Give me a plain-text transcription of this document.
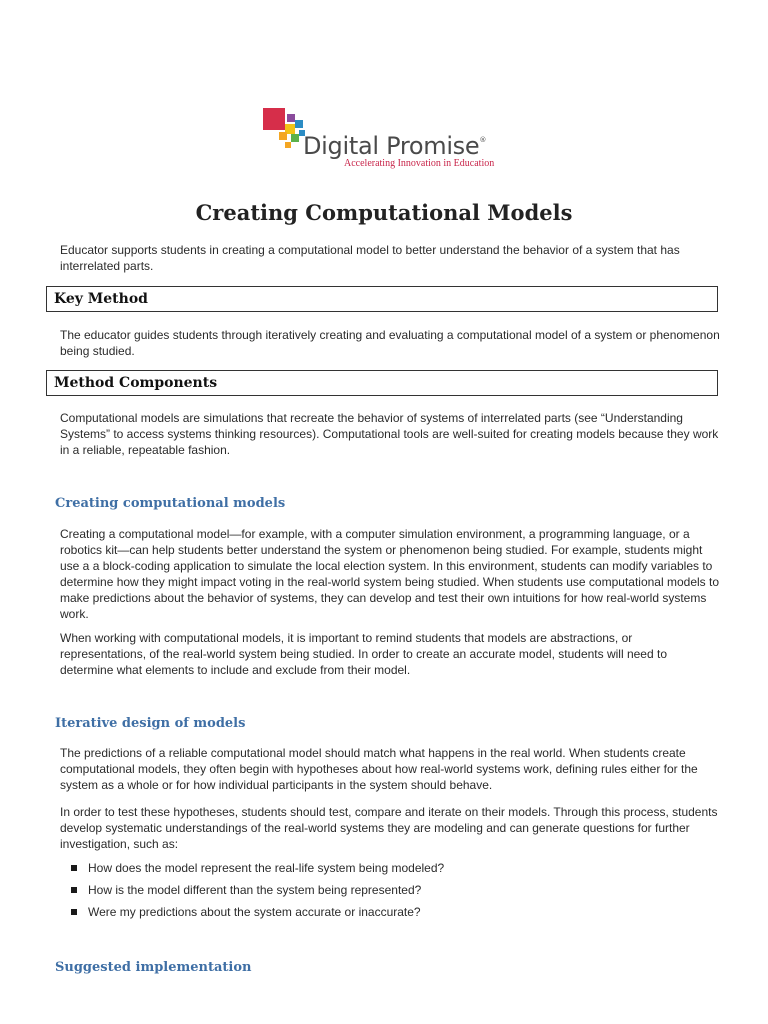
Digital Promise®
Accelerating Innovation in Education
Creating Computational Models

Educator supports students in creating a computational model to better understand the behavior of a system that has interrelated parts.

Key Method

The educator guides students through iteratively creating and evaluating a computational model of a system or phenomenon being studied.

Method Components

Computational models are simulations that recreate the behavior of systems of interrelated parts (see “Understanding Systems” to access systems thinking resources). Computational tools are well-suited for creating models because they work in a reliable, repeatable fashion.

Creating computational models

Creating a computational model—for example, with a computer simulation environment, a programming language, or a robotics kit—can help students better understand the system or phenomenon being studied. For example, students might use a a block-coding application to simulate the local election system. In this environment, students can modify variables to determine how they might impact voting in the real-world system being studied. When students use computational models to make predictions about the behavior of systems, they can develop and test their own intuitions for how real-world systems work.

When working with computational models, it is important to remind students that models are abstractions, or representations, of the real-world system being studied. In order to create an accurate model, students will need to determine what elements to include and exclude from their model.

Iterative design of models

The predictions of a reliable computational model should match what happens in the real world. When students create computational models, they often begin with hypotheses about how real-world systems work, defining rules either for the system as a whole or for how individual participants in the system should behave.

In order to test these hypotheses, students should test, compare and iterate on their models. Through this process, students develop systematic understandings of the real-world systems they are modeling and can generate questions for further investigation, such as:

How does the model represent the real-life system being modeled?
How is the model different than the system being represented?
Were my predictions about the system accurate or inaccurate?
Suggested implementation
